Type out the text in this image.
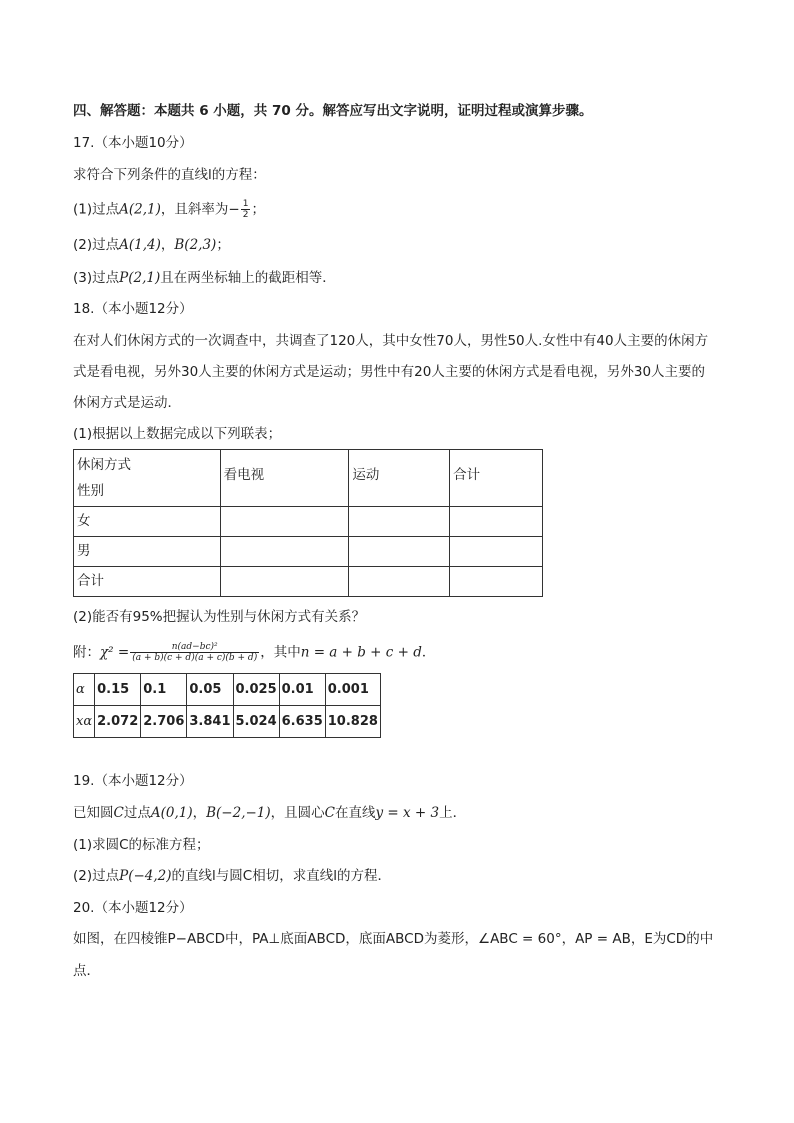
四、解答题：本题共 6 小题，共 70 分。解答应写出文字说明，证明过程或演算步骤。
17.（本小题10分）
求符合下列条件的直线l的方程：
(1)过点A(2,1)，且斜率为− $\frac{1}{2}$ ；
(2)过点A(1,4)，B(2,3)；
(3)过点P(2,1)且在两坐标轴上的截距相等．
18.（本小题12分）
在对人们休闲方式的一次调查中，共调查了120人，其中女性70人，男性50人.女性中有40人主要的休闲方
式是看电视，另外30人主要的休闲方式是运动；男性中有20人主要的休闲方式是看电视，另外30人主要的
休闲方式是运动．
(1)根据以上数据完成以下列联表；
休闲方式
性别	看电视	运动	合计
女			
男			
合计			
(2)能否有95%把握认为性别与休闲方式有关系？
附：$\chi^2 = \frac{\text{n(ad−bc)²}}{(a + b)(c + d)(a + c)(b + d)}$ ，其中n = a + b + c + d．
α	0.15	0.1	0.05	0.025	0.01	0.001
xα	2.072	2.706	3.841	5.024	6.635	10.828
19.（本小题12分）
已知圆C过点A(0,1)，B(−2,−1)，且圆心C在直线y = x + 3上．
(1)求圆C的标准方程；
(2)过点P(−4,2)的直线l与圆C相切，求直线l的方程．
20.（本小题12分）
如图，在四棱锥P−ABCD中，PA⊥底面ABCD，底面ABCD为菱形，∠ABC = 60°，AP = AB，E为CD的中
点．
